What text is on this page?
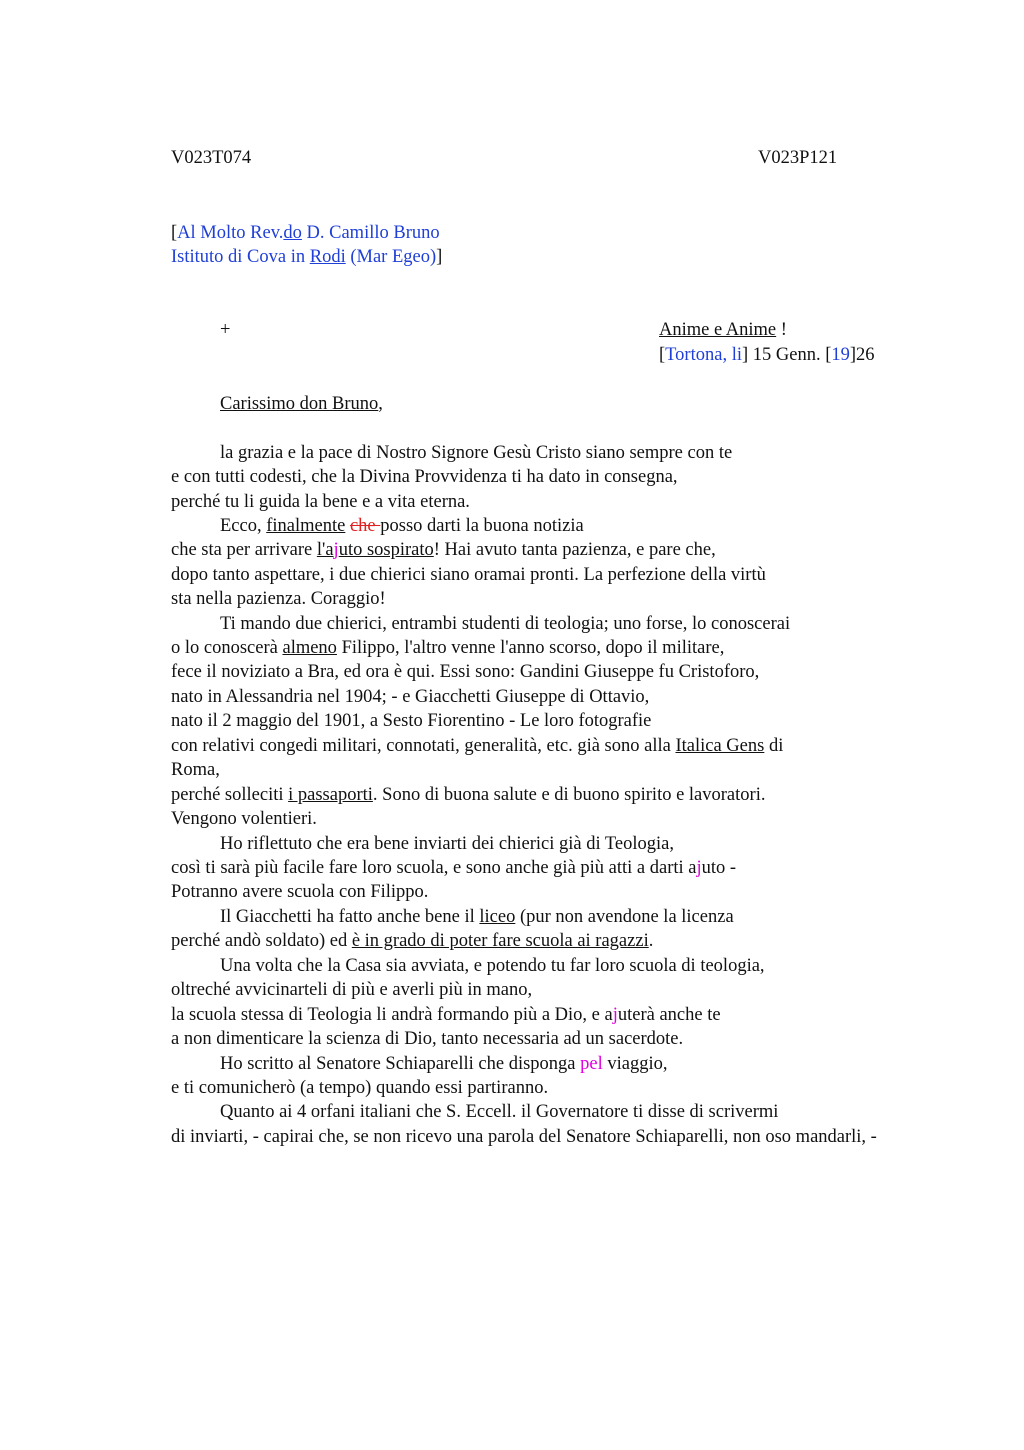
V023T074	V023P121
[Al Molto Rev.do D. Camillo Bruno
Istituto di Cova in Rodi (Mar Egeo)]
+	Anime e Anime !
[Tortona, li] 15 Genn. [19]26
Carissimo don Bruno,
la grazia e la pace di Nostro Signore Gesù Cristo siano sempre con te
e con tutti codesti, che la Divina Provvidenza ti ha dato in consegna,
perché tu li guida la bene e a vita eterna.
Ecco, finalmente che posso darti la buona notizia
che sta per arrivare l'ajuto sospirato! Hai avuto tanta pazienza, e pare che,
dopo tanto aspettare, i due chierici siano oramai pronti. La perfezione della virtù
sta nella pazienza. Coraggio!
Ti mando due chierici, entrambi studenti di teologia; uno forse, lo conoscerai
o lo conoscerà almeno Filippo, l'altro venne l'anno scorso, dopo il militare,
fece il noviziato a Bra, ed ora è qui. Essi sono: Gandini Giuseppe fu Cristoforo,
nato in Alessandria nel 1904; - e Giacchetti Giuseppe di Ottavio,
nato il 2 maggio del 1901, a Sesto Fiorentino - Le loro fotografie
con relativi congedi militari, connotati, generalità, etc. già sono alla Italica Gens di
Roma,
perché solleciti i passaporti. Sono di buona salute e di buono spirito e lavoratori.
Vengono volentieri.
Ho riflettuto che era bene inviarti dei chierici già di Teologia,
così ti sarà più facile fare loro scuola, e sono anche già più atti a darti ajuto -
Potranno avere scuola con Filippo.
Il Giacchetti ha fatto anche bene il liceo (pur non avendone la licenza
perché andò soldato) ed è in grado di poter fare scuola ai ragazzi.
Una volta che la Casa sia avviata, e potendo tu far loro scuola di teologia,
oltreché avvicinarteli di più e averli più in mano,
la scuola stessa di Teologia li andrà formando più a Dio, e ajuterà anche te
a non dimenticare la scienza di Dio, tanto necessaria ad un sacerdote.
Ho scritto al Senatore Schiaparelli che disponga pel viaggio,
e ti comunicherò (a tempo) quando essi partiranno.
Quanto ai 4 orfani italiani che S. Eccell. il Governatore ti disse di scrivermi
di inviarti, - capirai che, se non ricevo una parola del Senatore Schiaparelli, non oso mandarli, -
